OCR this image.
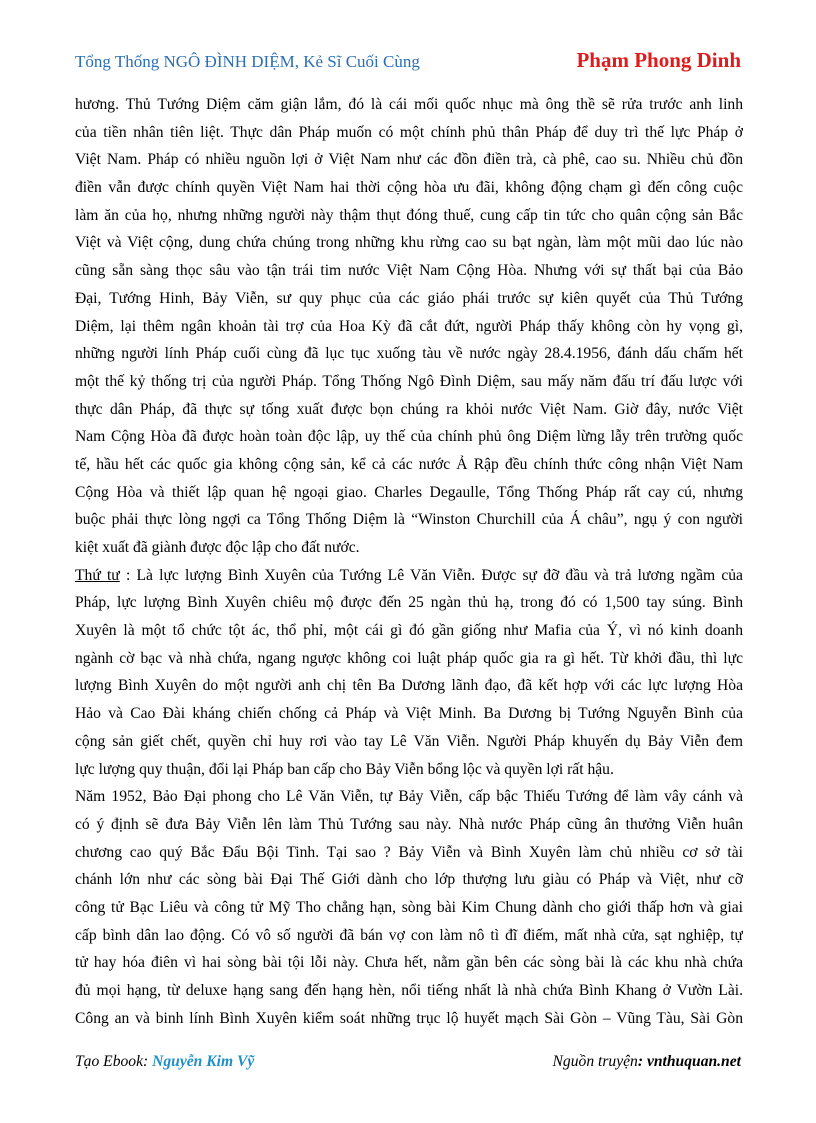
Tổng Thống NGÔ ĐÌNH DIỆM, Kẻ Sĩ Cuối Cùng	Phạm Phong Dinh
hương. Thủ Tướng Diệm căm giận lắm, đó là cái mối quốc nhục mà ông thề sẽ rửa trước anh linh
của tiền nhân tiên liệt. Thực dân Pháp muốn có một chính phủ thân Pháp để duy trì thế lực Pháp ở
Việt Nam. Pháp có nhiều nguồn lợi ở Việt Nam như các đồn điền trà, cà phê, cao su. Nhiều chủ đồn
điền vẫn được chính quyền Việt Nam hai thời cộng hòa ưu đãi, không động chạm gì đến công cuộc
làm ăn của họ, nhưng những người này thậm thụt đóng thuế, cung cấp tin tức cho quân cộng sản Bắc
Việt và Việt cộng, dung chứa chúng trong những khu rừng cao su bạt ngàn, làm một mũi dao lúc nào
cũng sẵn sàng thọc sâu vào tận trái tim nước Việt Nam Cộng Hòa. Nhưng với sự thất bại của Bảo
Đại, Tướng Hinh, Bảy Viễn, sư quy phục của các giáo phái trước sự kiên quyết của Thủ Tướng
Diệm, lại thêm ngân khoản tài trợ của Hoa Kỳ đã cắt đứt, người Pháp thấy không còn hy vọng gì,
những người lính Pháp cuối cùng đã lục tục xuống tàu về nước ngày 28.4.1956, đánh dấu chấm hết
một thế kỷ thống trị của người Pháp. Tổng Thống Ngô Đình Diệm, sau mấy năm đấu trí đấu lược với
thực dân Pháp, đã thực sự tống xuất được bọn chúng ra khỏi nước Việt Nam. Giờ đây, nước Việt
Nam Cộng Hòa đã được hoàn toàn độc lập, uy thế của chính phủ ông Diệm lừng lẫy trên trường quốc
tế, hầu hết các quốc gia không cộng sản, kể cả các nước Ả Rập đều chính thức công nhận Việt Nam
Cộng Hòa và thiết lập quan hệ ngoại giao. Charles Degaulle, Tổng Thống Pháp rất cay cú, nhưng
buộc phải thực lòng ngợi ca Tổng Thống Diệm là “Winston Churchill của Á châu”, ngụ ý con người
kiệt xuất đã giành được độc lập cho đất nước.
Thứ tư : Là lực lượng Bình Xuyên của Tướng Lê Văn Viễn. Được sự đỡ đầu và trả lương ngầm của
Pháp, lực lượng Bình Xuyên chiêu mộ được đến 25 ngàn thủ hạ, trong đó có 1,500 tay súng. Bình
Xuyên là một tổ chức tột ác, thổ phỉ, một cái gì đó gần giống như Mafia của Ý, vì nó kinh doanh
ngành cờ bạc và nhà chứa, ngang ngược không coi luật pháp quốc gia ra gì hết. Từ khởi đầu, thì lực
lượng Bình Xuyên do một người anh chị tên Ba Dương lãnh đạo, đã kết hợp với các lực lượng Hòa
Hảo và Cao Đài kháng chiến chống cả Pháp và Việt Minh. Ba Dương bị Tướng Nguyễn Bình của
cộng sản giết chết, quyền chỉ huy rơi vào tay Lê Văn Viễn. Người Pháp khuyến dụ Bảy Viễn đem
lực lượng quy thuận, đổi lại Pháp ban cấp cho Bảy Viễn bổng lộc và quyền lợi rất hậu.
Năm 1952, Bảo Đại phong cho Lê Văn Viễn, tự Bảy Viễn, cấp bậc Thiếu Tướng để làm vây cánh và
có ý định sẽ đưa Bảy Viễn lên làm Thủ Tướng sau này. Nhà nước Pháp cũng ân thưởng Viễn huân
chương cao quý Bắc Đẩu Bội Tinh. Tại sao ? Bảy Viễn và Bình Xuyên làm chủ nhiều cơ sở tài
chánh lớn như các sòng bài Đại Thế Giới dành cho lớp thượng lưu giàu có Pháp và Việt, như cỡ
công tử Bạc Liêu và công tử Mỹ Tho chẳng hạn, sòng bài Kim Chung dành cho giới thấp hơn và giai
cấp bình dân lao động. Có vô số người đã bán vợ con làm nô tì đĩ điếm, mất nhà cửa, sạt nghiệp, tự
tử hay hóa điên vì hai sòng bài tội lỗi này. Chưa hết, nằm gần bên các sòng bài là các khu nhà chứa
đủ mọi hạng, từ deluxe hạng sang đến hạng hèn, nổi tiếng nhất là nhà chứa Bình Khang ở Vườn Lài.
Công an và binh lính Bình Xuyên kiểm soát những trục lộ huyết mạch Sài Gòn – Vũng Tàu, Sài Gòn
Tạo Ebook: Nguyễn Kim Vỹ	Nguồn truyện: vnthuquan.net
